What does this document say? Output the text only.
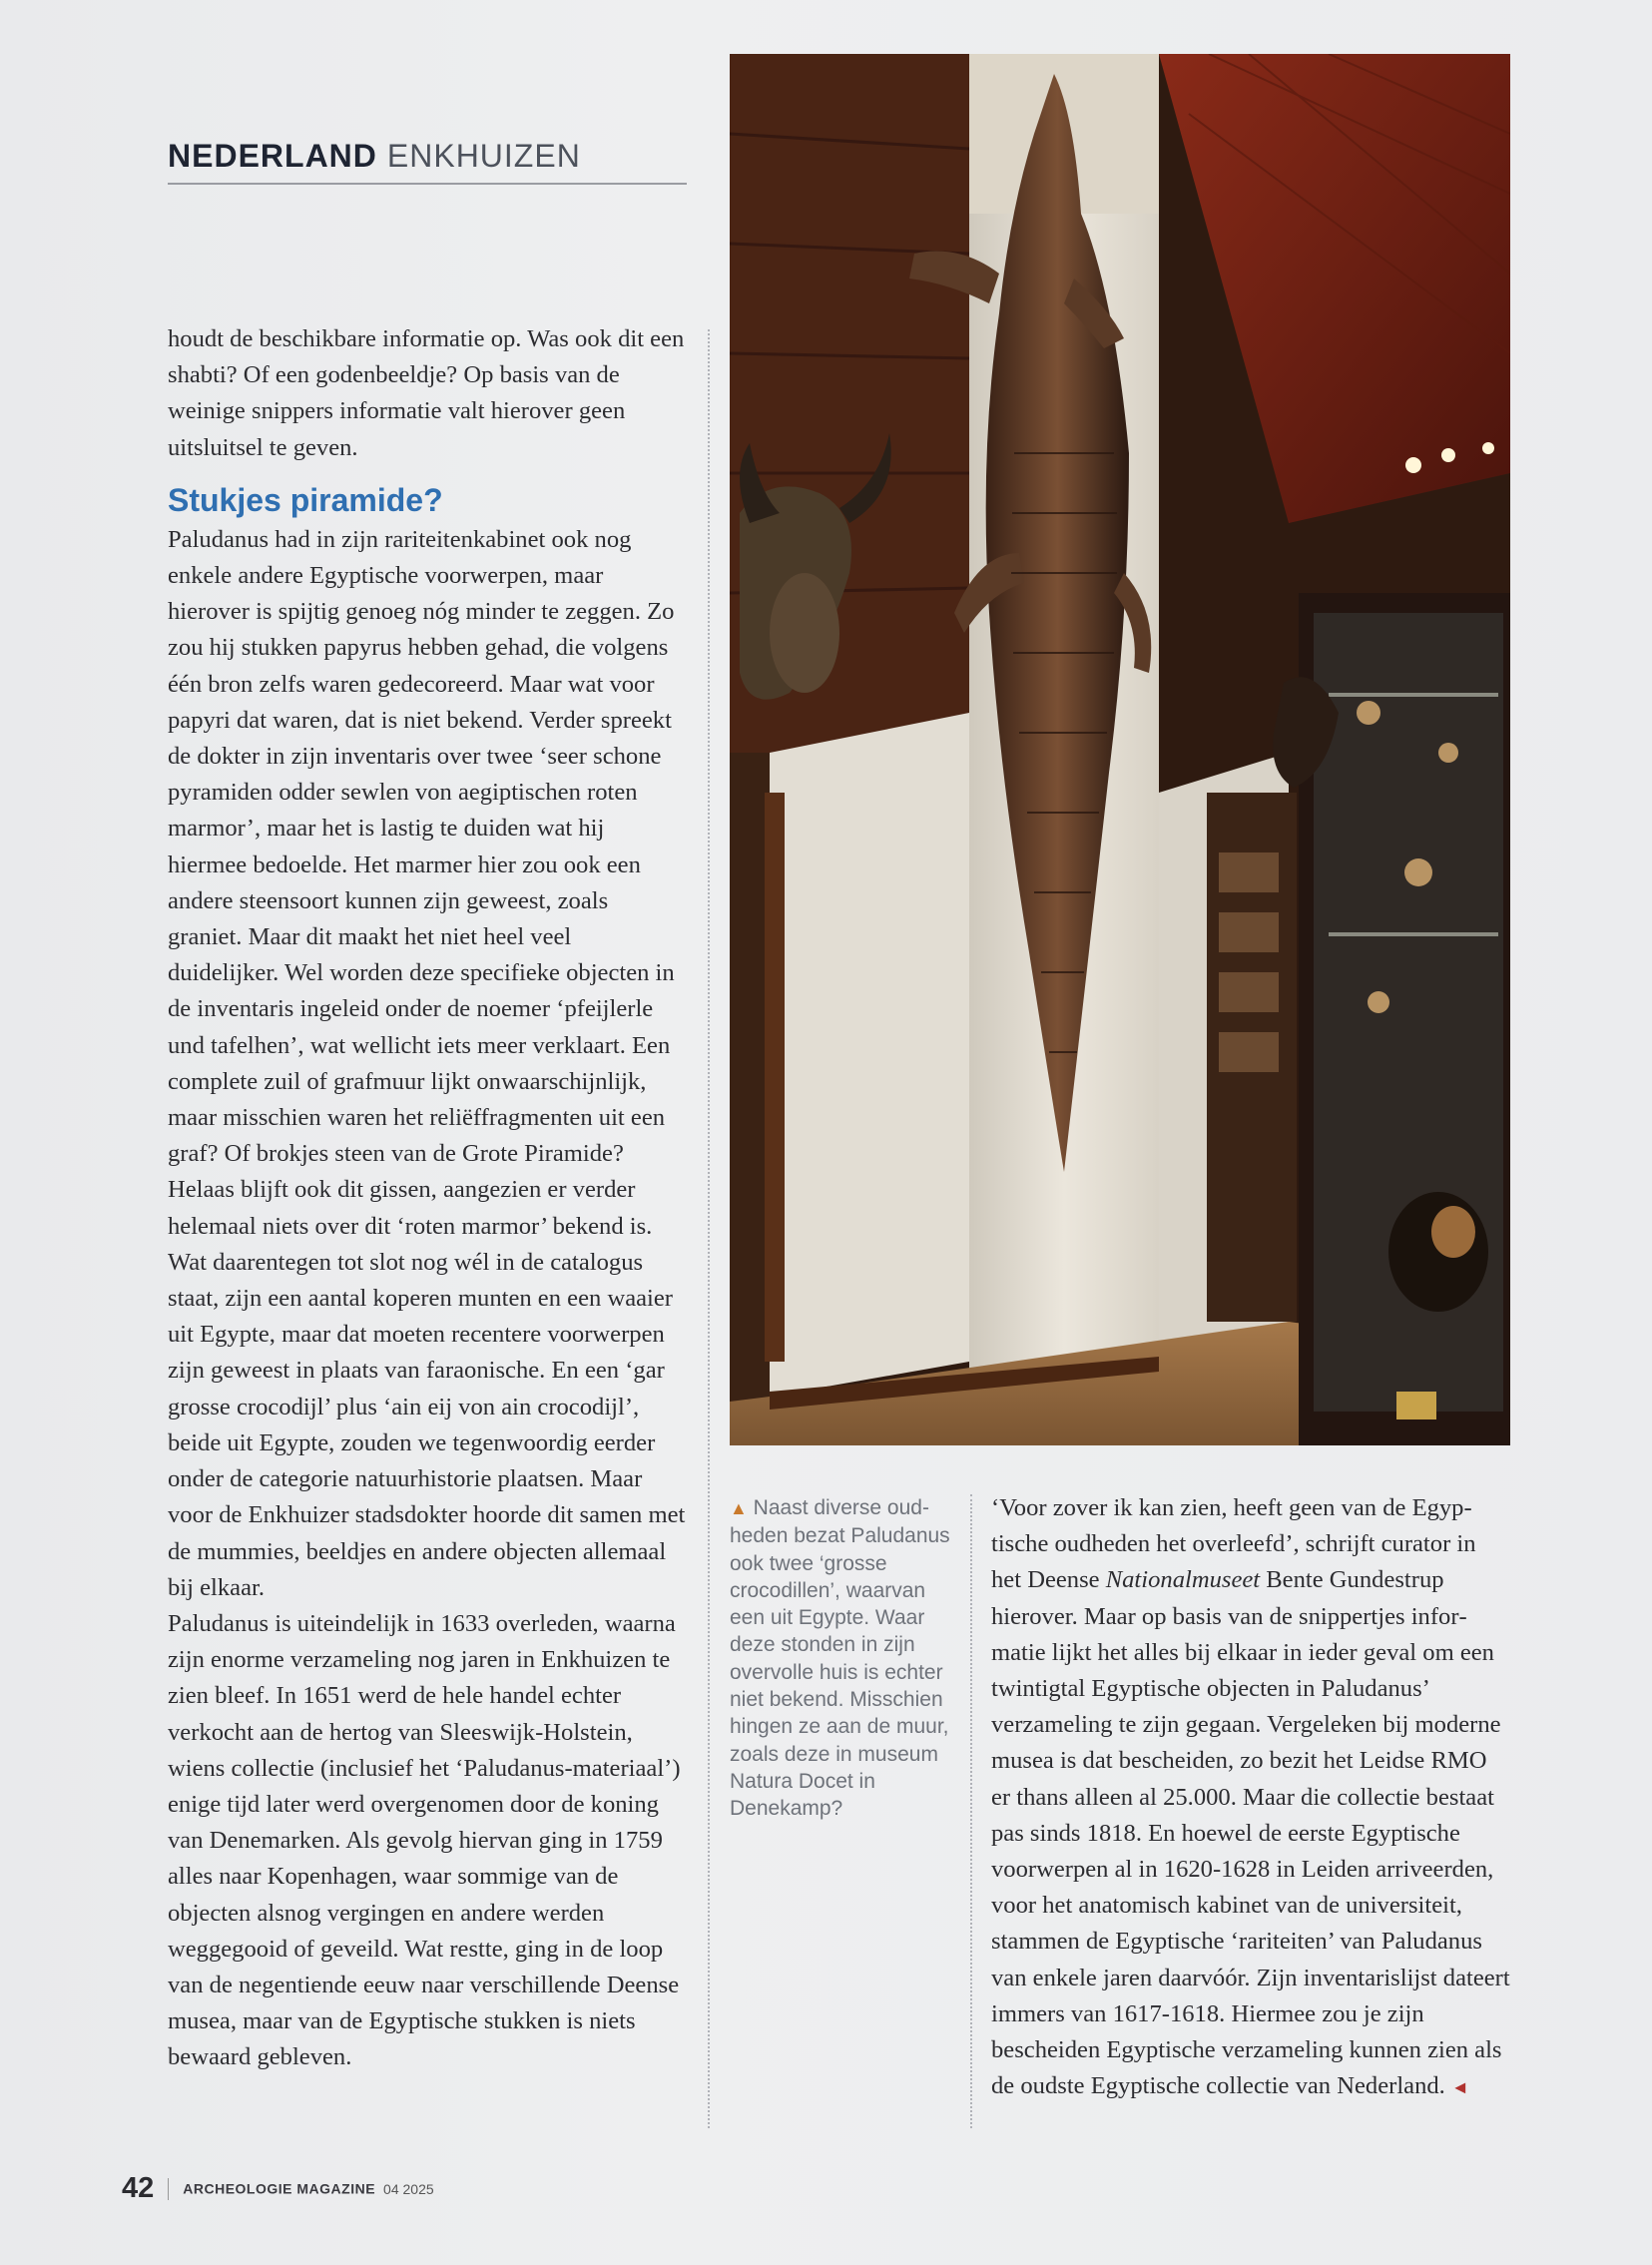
NEDERLAND ENKHUIZEN

houdt de beschikbare informatie op. Was ook dit een shabti? Of een godenbeeldje? Op basis van de weinige snippers informatie valt hierover geen uitsluitsel te geven.

Stukjes piramide?

Paludanus had in zijn rariteitenkabinet ook nog enkele andere Egyptische voorwerpen, maar hierover is spijtig genoeg nóg minder te zeggen. Zo zou hij stukken papyrus hebben gehad, die volgens één bron zelfs waren gedecoreerd. Maar wat voor papyri dat waren, dat is niet bekend. Verder spreekt de dokter in zijn inventaris over twee ‘seer schone pyramiden odder sewlen von aegiptischen roten marmor’, maar het is lastig te duiden wat hij hiermee bedoelde. Het marmer hier zou ook een andere steensoort kunnen zijn geweest, zoals graniet. Maar dit maakt het niet heel veel duidelijker. Wel worden deze specifieke objecten in de inventaris ingeleid onder de noemer ‘pfeijlerle und tafelhen’, wat wellicht iets meer verklaart. Een complete zuil of grafmuur lijkt onwaarschijnlijk, maar misschien waren het reliëffragmenten uit een graf? Of brokjes steen van de Grote Piramide? Helaas blijft ook dit gissen, aangezien er verder helemaal niets over dit ‘roten marmor’ bekend is. Wat daarentegen tot slot nog wél in de catalogus staat, zijn een aantal koperen munten en een waaier uit Egypte, maar dat moeten recentere voorwerpen zijn geweest in plaats van faraonische. En een ‘gar grosse crocodijl’ plus ‘ain eij von ain crocodijl’, beide uit Egypte, zouden we tegenwoordig eerder onder de categorie natuurhistorie plaatsen. Maar voor de Enkhuizer stadsdokter hoorde dit samen met de mummies, beeldjes en andere objecten allemaal bij elkaar.

Paludanus is uiteindelijk in 1633 overleden, waarna zijn enorme verzameling nog jaren in Enkhuizen te zien bleef. In 1651 werd de hele handel echter verkocht aan de hertog van Sleeswijk-Holstein, wiens collectie (inclusief het ‘Paludanus-materiaal’) enige tijd later werd overgenomen door de koning van Denemarken. Als gevolg hiervan ging in 1759 alles naar Kopenhagen, waar sommige van de objecten alsnog vergingen en andere werden weggegooid of geveild. Wat restte, ging in de loop van de negentiende eeuw naar verschillende Deense musea, maar van de Egyptische stukken is niets bewaard gebleven.

▲ Naast diverse oudheden bezat Paludanus ook twee ‘grosse crocodillen’, waarvan een uit Egypte. Waar deze stonden in zijn overvolle huis is echter niet bekend. Misschien hingen ze aan de muur, zoals deze in museum Natura Docet in Denekamp?

‘Voor zover ik kan zien, heeft geen van de Egyptische oudheden het overleefd’, schrijft curator in het Deense Nationalmuseet Bente Gundestrup hierover. Maar op basis van de snippertjes informatie lijkt het alles bij elkaar in ieder geval om een twintigtal Egyptische objecten in Paludanus’ verzameling te zijn gegaan. Vergeleken bij moderne musea is dat bescheiden, zo bezit het Leidse RMO er thans alleen al 25.000. Maar die collectie bestaat pas sinds 1818. En hoewel de eerste Egyptische voorwerpen al in 1620-1628 in Leiden arriveerden, voor het anatomisch kabinet van de universiteit, stammen de Egyptische ‘rariteiten’ van Paludanus van enkele jaren daarvóór. Zijn inventarislijst dateert immers van 1617-1618. Hiermee zou je zijn bescheiden Egyptische verzameling kunnen zien als de oudste Egyptische collectie van Nederland. ◄

42 ARCHEOLOGIE MAGAZINE 04 2025
